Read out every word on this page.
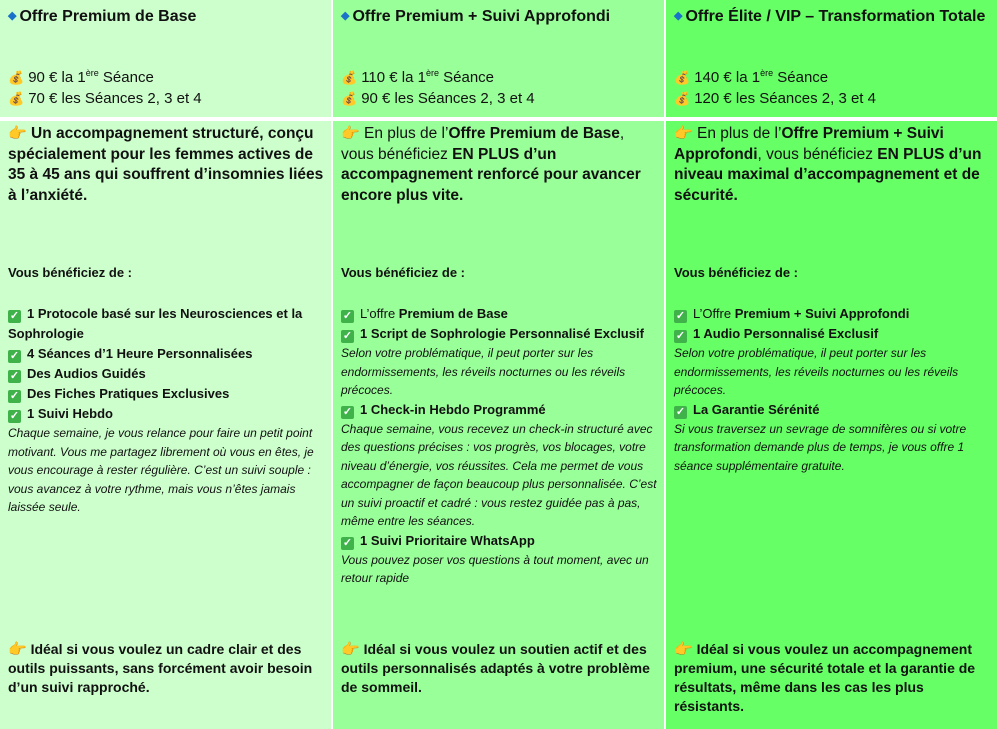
◆ Offre Premium de Base
💰 90 € la 1ère Séance
💰 70 € les Séances 2, 3 et 4
👉 Un accompagnement structuré, conçu spécialement pour les femmes actives de 35 à 45 ans qui souffrent d’insomnies liées à l’anxiété.
Vous bénéficiez de :
✓ 1 Protocole basé sur les Neurosciences et la Sophrologie
✓ 4 Séances d’1 Heure Personnalisées
✓ Des Audios Guidés
✓ Des Fiches Pratiques Exclusives
✓ 1 Suivi Hebdo
Chaque semaine, je vous relance pour faire un petit point motivant. Vous me partagez librement où vous en êtes, je vous encourage à rester régulière. C’est un suivi souple : vous avancez à votre rythme, mais vous n’êtes jamais laissée seule.
👉 Idéal si vous voulez un cadre clair et des outils puissants, sans forcément avoir besoin d’un suivi rapproché.
◆ Offre Premium + Suivi Approfondi
💰 110 € la 1ère Séance
💰 90 € les Séances 2, 3 et 4
👉 En plus de l’Offre Premium de Base, vous bénéficiez EN PLUS d’un accompagnement renforcé pour avancer encore plus vite.
Vous bénéficiez de :
✓ L’offre Premium de Base
✓ 1 Script de Sophrologie Personnalisé Exclusif
Selon votre problématique, il peut porter sur les endormissements, les réveils nocturnes ou les réveils précoces.
✓ 1 Check-in Hebdo Programmé
Chaque semaine, vous recevez un check-in structuré avec des questions précises : vos progrès, vos blocages, votre niveau d’énergie, vos réussites. Cela me permet de vous accompagner de façon beaucoup plus personnalisée. C’est un suivi proactif et cadré : vous restez guidée pas à pas, même entre les séances.
✓ 1 Suivi Prioritaire WhatsApp
Vous pouvez poser vos questions à tout moment, avec un retour rapide
👉 Idéal si vous voulez un soutien actif et des outils personnalisés adaptés à votre problème de sommeil.
◆ Offre Élite / VIP – Transformation Totale
💰 140 € la 1ère Séance
💰 120 € les Séances 2, 3 et 4
👉 En plus de l’Offre Premium + Suivi Approfondi, vous bénéficiez EN PLUS d’un niveau maximal d’accompagnement et de sécurité.
Vous bénéficiez de :
✓ L’Offre Premium + Suivi Approfondi
✓ 1 Audio Personnalisé Exclusif
Selon votre problématique, il peut porter sur les endormissements, les réveils nocturnes ou les réveils précoces.
✓ La Garantie Sérénité
Si vous traversez un sevrage de somnifères ou si votre transformation demande plus de temps, je vous offre 1 séance supplémentaire gratuite.
👉 Idéal si vous voulez un accompagnement premium, une sécurité totale et la garantie de résultats, même dans les cas les plus résistants.
